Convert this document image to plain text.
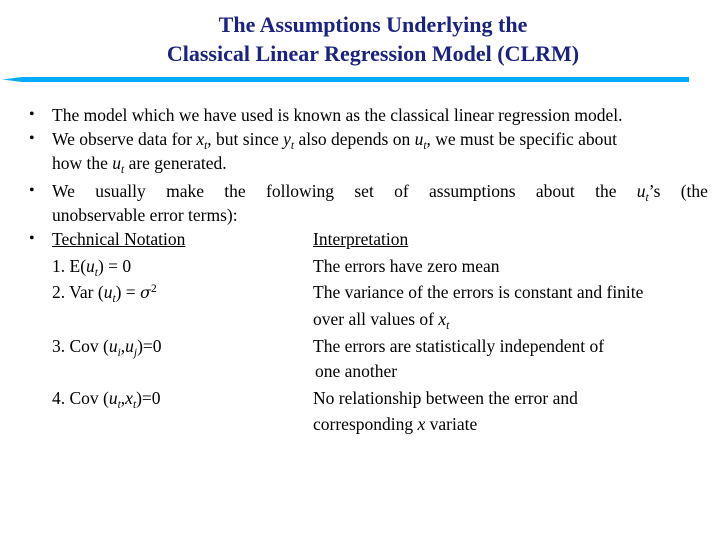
The Assumptions Underlying the
Classical Linear Regression Model (CLRM)
• The model which we have used is known as the classical linear regression model.
• We observe data for $x_t$, but since $y_t$ also depends on $u_t$, we must be specific about
how the $u_t$ are generated.
• We usually make the following set of assumptions about the $u_t’s$ (the
unobservable error terms):
• Technical Notation	Interpretation
1. $E(u_t) = 0$	The errors have zero mean
2. Var $(u_t) = \sigma^2$	The variance of the errors is constant and finite
over all values of $x_t$
3. Cov $(u_i,u_j)=0$	The errors are statistically independent of
one another
4. Cov $(u_t,x_t)=0$	No relationship between the error and
corresponding x variate
